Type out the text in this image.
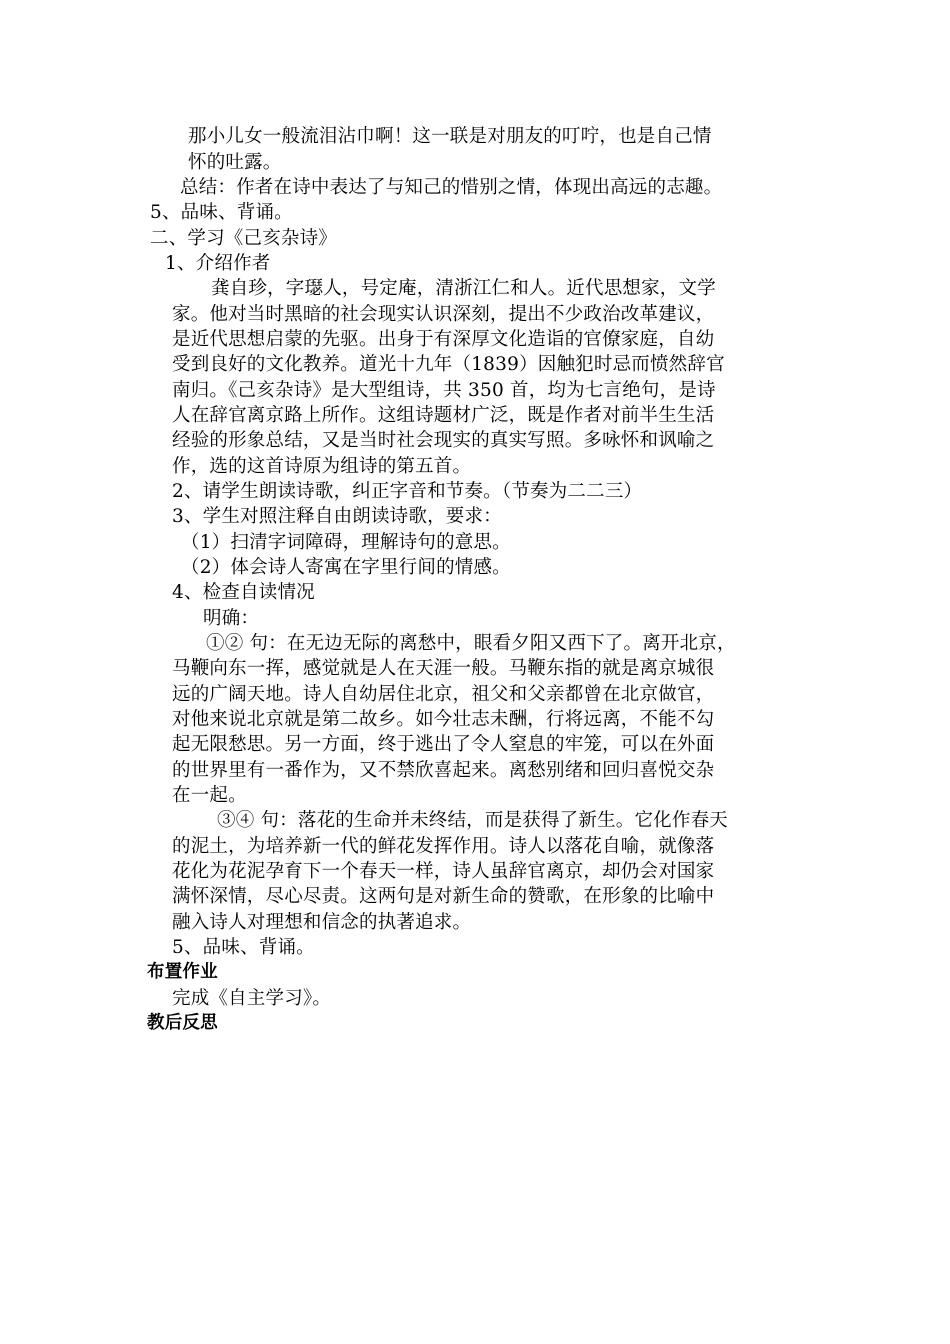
那小儿女一般流泪沾巾啊！这一联是对朋友的叮咛，也是自己情
怀的吐露。
总结：作者在诗中表达了与知己的惜别之情，体现出高远的志趣。
5、品味、背诵。
二、学习《己亥杂诗》
1、介绍作者
龚自珍，字璱人，号定庵，清浙江仁和人。近代思想家，文学
家。他对当时黑暗的社会现实认识深刻，提出不少政治改革建议，
是近代思想启蒙的先驱。出身于有深厚文化造诣的官僚家庭，自幼
受到良好的文化教养。道光十九年（1839）因触犯时忌而愤然辞官
南归。《己亥杂诗》是大型组诗，共 350 首，均为七言绝句，是诗
人在辞官离京路上所作。这组诗题材广泛，既是作者对前半生生活
经验的形象总结，又是当时社会现实的真实写照。多咏怀和讽喻之
作，选的这首诗原为组诗的第五首。
2、请学生朗读诗歌，纠正字音和节奏。（节奏为二二三）
3、学生对照注释自由朗读诗歌，要求：
（1）扫清字词障碍，理解诗句的意思。
（2）体会诗人寄寓在字里行间的情感。
4、检查自读情况
明确：
①② 句：在无边无际的离愁中，眼看夕阳又西下了。离开北京，
马鞭向东一挥，感觉就是人在天涯一般。马鞭东指的就是离京城很
远的广阔天地。诗人自幼居住北京，祖父和父亲都曾在北京做官，
对他来说北京就是第二故乡。如今壮志未酬，行将远离，不能不勾
起无限愁思。另一方面，终于逃出了令人窒息的牢笼，可以在外面
的世界里有一番作为，又不禁欣喜起来。离愁别绪和回归喜悦交杂
在一起。
③④ 句：落花的生命并未终结，而是获得了新生。它化作春天
的泥土，为培养新一代的鲜花发挥作用。诗人以落花自喻，就像落
花化为花泥孕育下一个春天一样，诗人虽辞官离京，却仍会对国家
满怀深情，尽心尽责。这两句是对新生命的赞歌，在形象的比喻中
融入诗人对理想和信念的执著追求。
5、品味、背诵。
布置作业
完成《自主学习》。
教后反思
